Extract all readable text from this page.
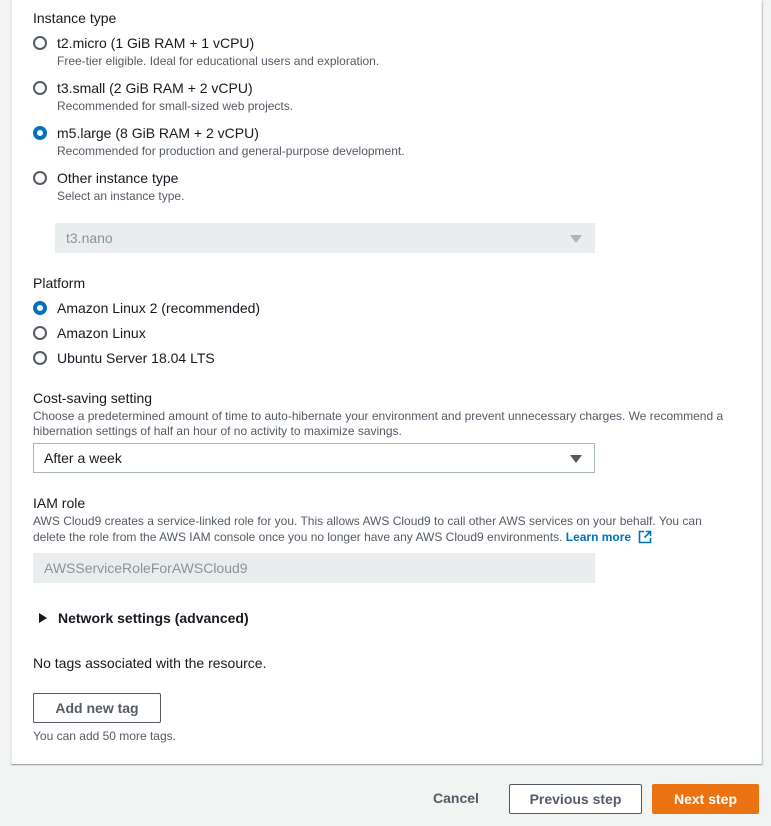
Instance type
t2.micro (1 GiB RAM + 1 vCPU)
Free-tier eligible. Ideal for educational users and exploration.
t3.small (2 GiB RAM + 2 vCPU)
Recommended for small-sized web projects.
m5.large (8 GiB RAM + 2 vCPU)
Recommended for production and general-purpose development.
Other instance type
Select an instance type.
t3.nano
Platform
Amazon Linux 2 (recommended)
Amazon Linux
Ubuntu Server 18.04 LTS
Cost-saving setting
Choose a predetermined amount of time to auto-hibernate your environment and prevent unnecessary charges. We recommend a
hibernation settings of half an hour of no activity to maximize savings.
After a week
IAM role
AWS Cloud9 creates a service-linked role for you. This allows AWS Cloud9 to call other AWS services on your behalf. You can
delete the role from the AWS IAM console once you no longer have any AWS Cloud9 environments. Learn more
AWSServiceRoleForAWSCloud9
Network settings (advanced)
No tags associated with the resource.
Add new tag
You can add 50 more tags.
Cancel	Previous step	Next step
